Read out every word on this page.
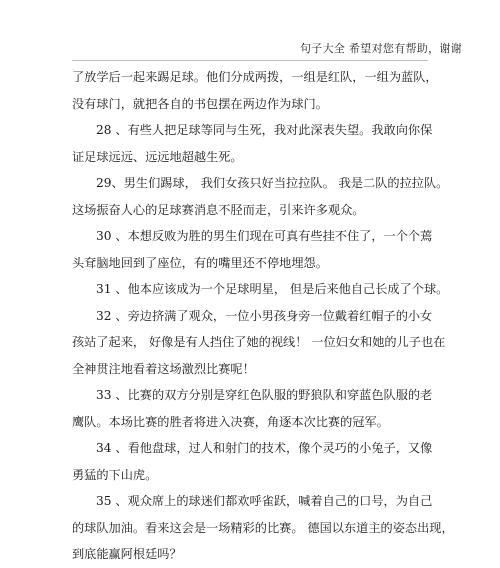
句子大全 希望对您有帮助，谢谢
了放学后一起来踢足球。他们分成两拨，一组是红队，一组为蓝队，
没有球门，就把各自的书包摆在两边作为球门。
28 、有些人把足球等同与生死，我对此深表失望。我敢向你保
证足球远远、远远地超越生死。
29、男生们踢球， 我们女孩只好当拉拉队。 我是二队的拉拉队。
这场振奋人心的足球赛消息不胫而走，引来许多观众。
30 、本想反败为胜的男生们现在可真有些挂不住了，一个个蔫
头耷脑地回到了座位，有的嘴里还不停地埋怨。
31 、他本应该成为一个足球明星， 但是后来他自己长成了个球。
32 、旁边挤满了观众，一位小男孩身旁一位戴着红帽子的小女
孩站了起来， 好像是有人挡住了她的视线！ 一位妇女和她的儿子也在
全神贯注地看着这场激烈比赛呢！
33 、比赛的双方分别是穿红色队服的野狼队和穿蓝色队服的老
鹰队。本场比赛的胜者将进入决赛，角逐本次比赛的冠军。
34 、看他盘球，过人和射门的技术，像个灵巧的小兔子，又像
勇猛的下山虎。
35 、观众席上的球迷们都欢呼雀跃，喊着自己的口号，为自己
的球队加油。看来这会是一场精彩的比赛。 德国以东道主的姿态出现，
到底能赢阿根廷吗？
